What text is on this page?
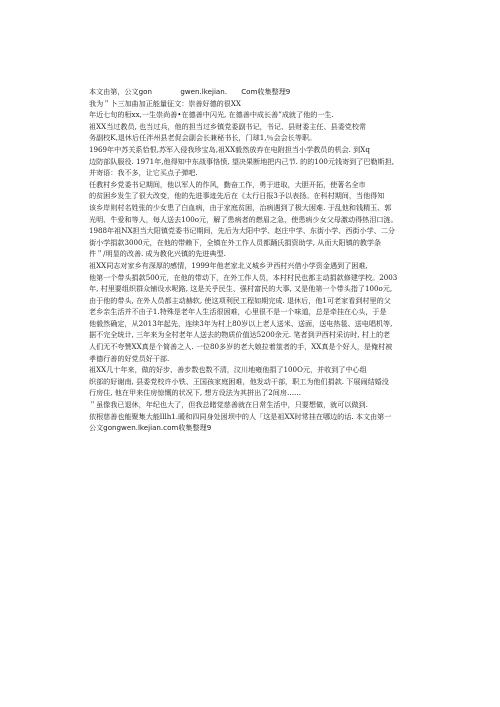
本文由第，公文gon　　　　gwen.lkejian.　　Com收集整理9
我为＂卜三加曲加正能量征文：崇善好德的很XX
年近七旬的桓xx,一生崇尚善•在德善中闪光, 在德善中成长善”成就了他的一生.
祖XX当过教员, 也当过兵，他的担当过乡镇党委副书记，书记、县财委主任、县委党校常
务副校K,退休后任泮州县老促会副会长兼秘书长，门球1,％会会长等职。
1969年中苏关系恰恨,苏军入侵我珍宝岛,祖XX毅然放弃在电附担当小学教员的机会. 到Xq
边防部队服役. 1971年,他得知中东战事恪愤, 望决果断地把内己节. 的的100元钱寄到了巴勒斯担,
并寄语：我不多，让它买点子弹吧.
任教村乡党委书记期间，他以军人的作风，勤奋工作，勇于进取，大胆开拓，使著名全市
的贫困乡发生了很大改变，他的先进事迹先后在《太行日报3予以表扬。在科村期间，当他得知
该乡岸则村名姓张的少女患了白血病，由于家庭贫困，治病遇到了极大困难. 于乱他和钱精玉、郭
光明、牛爱和等人，每人送去100o元，解了患病者的燃眉之急，使患病少女父母激动得热泪口涟。
1988年祖NX担当大阳镇党委书记期间，先后为大阳中学、赵庄中学、东街小学、西街小学、二分
街小学捐款3000元，在他的带赖下，全镇在外工作人员都踊氏捐资助学, 从而大阳镇的教学条
件＂/明显的改善. 成为教化兴镇的先进典型.
祖XX同志对家乡有深厚的感情，1999年他老家北义城乡尹西村兴借小学资金遇到了困难,
他第一个带头捐款500元，在他的带动下，在外工作人员，本村村民也都主动捐款修建学校。2003
年, 村里要组织群众铺设水呢路, 这是关乎民生、强村富民的大事, 又是他第一个带头指了100o元,
由于他的带头, 在外人员都主动赫软, 使这项利民工程如期完成. 退休后，他1可老家看到村里的父
老乡亲生活并不由子1.特殊是老年人生活很困难，心里很不是一个味道，总是牵挂在心头，于是
他毅然确定，从2013年起先，连续3年为村上80岁以上老人送米、送面，送电热毯、送电唱机等,
据不完全统计, 三年来为全村老年人送去的物质价值达5200余元. 笔者到尹西村采访时, 村上的老
人们无不夸赞XX真是个简善之人. 一位80多岁的老大娘拉着筮者的手，XX真是个好人，是俺村被
孝德行善的好党员好干部.
祖XX几十年来，做的好步、善步数也数不清，汶川地雍他捐了100O元，并收到了中心组
织部的好谢南, 县委党校许小铁、王国孩家庭困难，他发动干部，职工为他们捐款. 下展闹结婚没
行房住, 他在甲来住房惊慨的状况下, 想方设法为其拼出了2间房……
＂虽像我已退休，年纪也大了，但我总睹觉慈善就在日常生活中，只要想做，就可以做到.
依根慈善也能聚集大能lllh1.暖和四同身处困坝中的人「这是祖XX时常挂在哪边的话. 本文由第一
公文gongwen.lkejian.com收集整理9
